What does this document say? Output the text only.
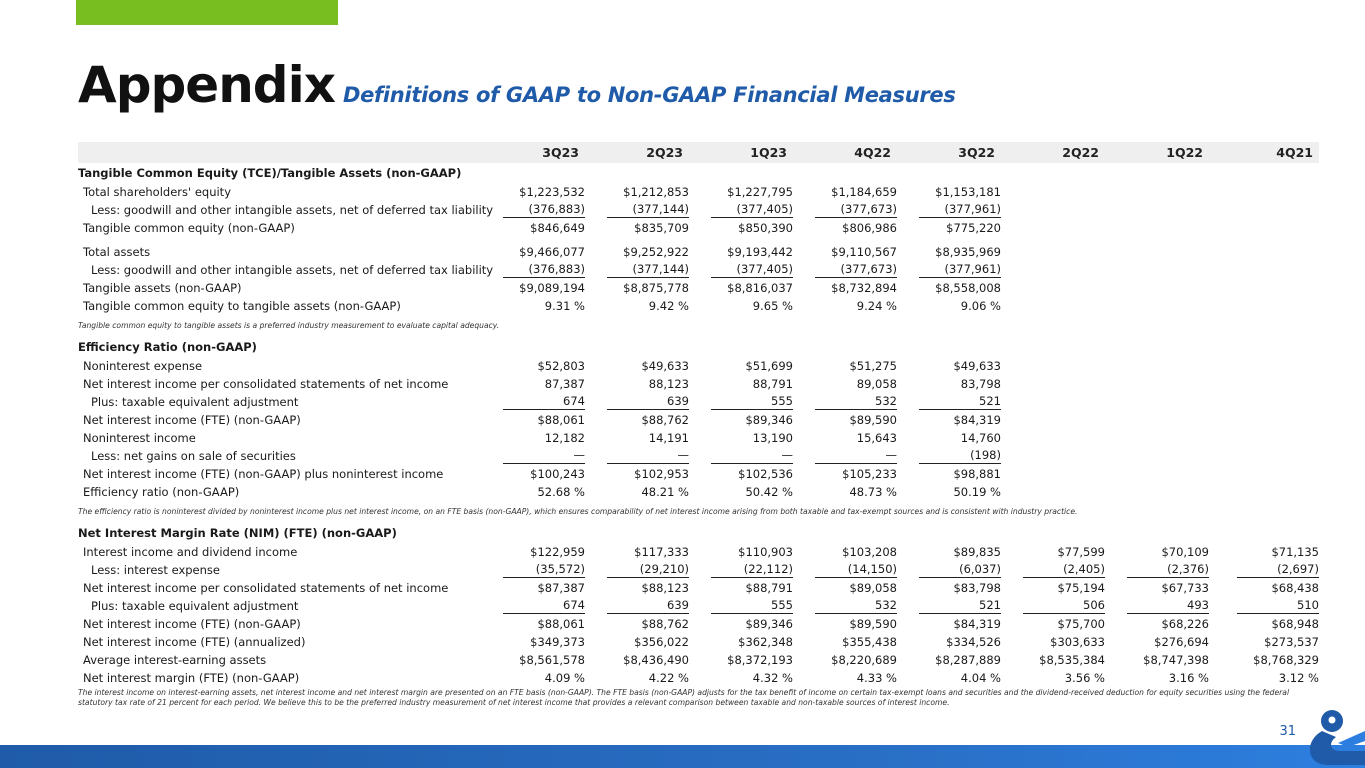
Appendix Definitions of GAAP to Non-GAAP Financial Measures
	3Q23	2Q23	1Q23	4Q22	3Q22	2Q22	1Q22	4Q21
Tangible Common Equity (TCE)/Tangible Assets (non-GAAP)								
Total shareholders' equity	$1,223,532	$1,212,853	$1,227,795	$1,184,659	$1,153,181			
Less: goodwill and other intangible assets, net of deferred tax liability	(376,883)	(377,144)	(377,405)	(377,673)	(377,961)			
Tangible common equity (non-GAAP)	$846,649	$835,709	$850,390	$806,986	$775,220			

Total assets	$9,466,077	$9,252,922	$9,193,442	$9,110,567	$8,935,969			
Less: goodwill and other intangible assets, net of deferred tax liability	(376,883)	(377,144)	(377,405)	(377,673)	(377,961)			
Tangible assets (non-GAAP)	$9,089,194	$8,875,778	$8,816,037	$8,732,894	$8,558,008			
Tangible common equity to tangible assets (non-GAAP)	9.31 %	9.42 %	9.65 %	9.24 %	9.06 %			
Tangible common equity to tangible assets is a preferred industry measurement to evaluate capital adequacy.								
Efficiency Ratio (non-GAAP)								
Noninterest expense	$52,803	$49,633	$51,699	$51,275	$49,633			
Net interest income per consolidated statements of net income	87,387	88,123	88,791	89,058	83,798			
Plus: taxable equivalent adjustment	674	639	555	532	521			
Net interest income (FTE) (non-GAAP)	$88,061	$88,762	$89,346	$89,590	$84,319			
Noninterest income	12,182	14,191	13,190	15,643	14,760			
Less: net gains on sale of securities	—	—	—	—	(198)			
Net interest income (FTE) (non-GAAP) plus noninterest income	$100,243	$102,953	$102,536	$105,233	$98,881			
Efficiency ratio (non-GAAP)	52.68 %	48.21 %	50.42 %	48.73 %	50.19 %			
The efficiency ratio is noninterest divided by noninterest income plus net interest income, on an FTE basis (non-GAAP), which ensures comparability of net interest income arising from both taxable and tax-exempt sources and is consistent with industry practice.								
Net Interest Margin Rate (NIM) (FTE) (non-GAAP)								
Interest income and dividend income	$122,959	$117,333	$110,903	$103,208	$89,835	$77,599	$70,109	$71,135
Less: interest expense	(35,572)	(29,210)	(22,112)	(14,150)	(6,037)	(2,405)	(2,376)	(2,697)
Net interest income per consolidated statements of net income	$87,387	$88,123	$88,791	$89,058	$83,798	$75,194	$67,733	$68,438
Plus: taxable equivalent adjustment	674	639	555	532	521	506	493	510
Net interest income (FTE) (non-GAAP)	$88,061	$88,762	$89,346	$89,590	$84,319	$75,700	$68,226	$68,948
Net interest income (FTE) (annualized)	$349,373	$356,022	$362,348	$355,438	$334,526	$303,633	$276,694	$273,537
Average interest-earning assets	$8,561,578	$8,436,490	$8,372,193	$8,220,689	$8,287,889	$8,535,384	$8,747,398	$8,768,329
Net interest margin (FTE) (non-GAAP)	4.09 %	4.22 %	4.32 %	4.33 %	4.04 %	3.56 %	3.16 %	3.12 %
The interest income on interest-earning assets, net interest income and net interest margin are presented on an FTE basis (non-GAAP). The FTE basis (non-GAAP) adjusts for the tax benefit of income on certain tax-exempt loans and securities and the dividend-received deduction for equity securities using the federal statutory tax rate of 21 percent for each period. We believe this to be the preferred industry measurement of net interest income that provides a relevant comparison between taxable and non-taxable sources of interest income.								
31
